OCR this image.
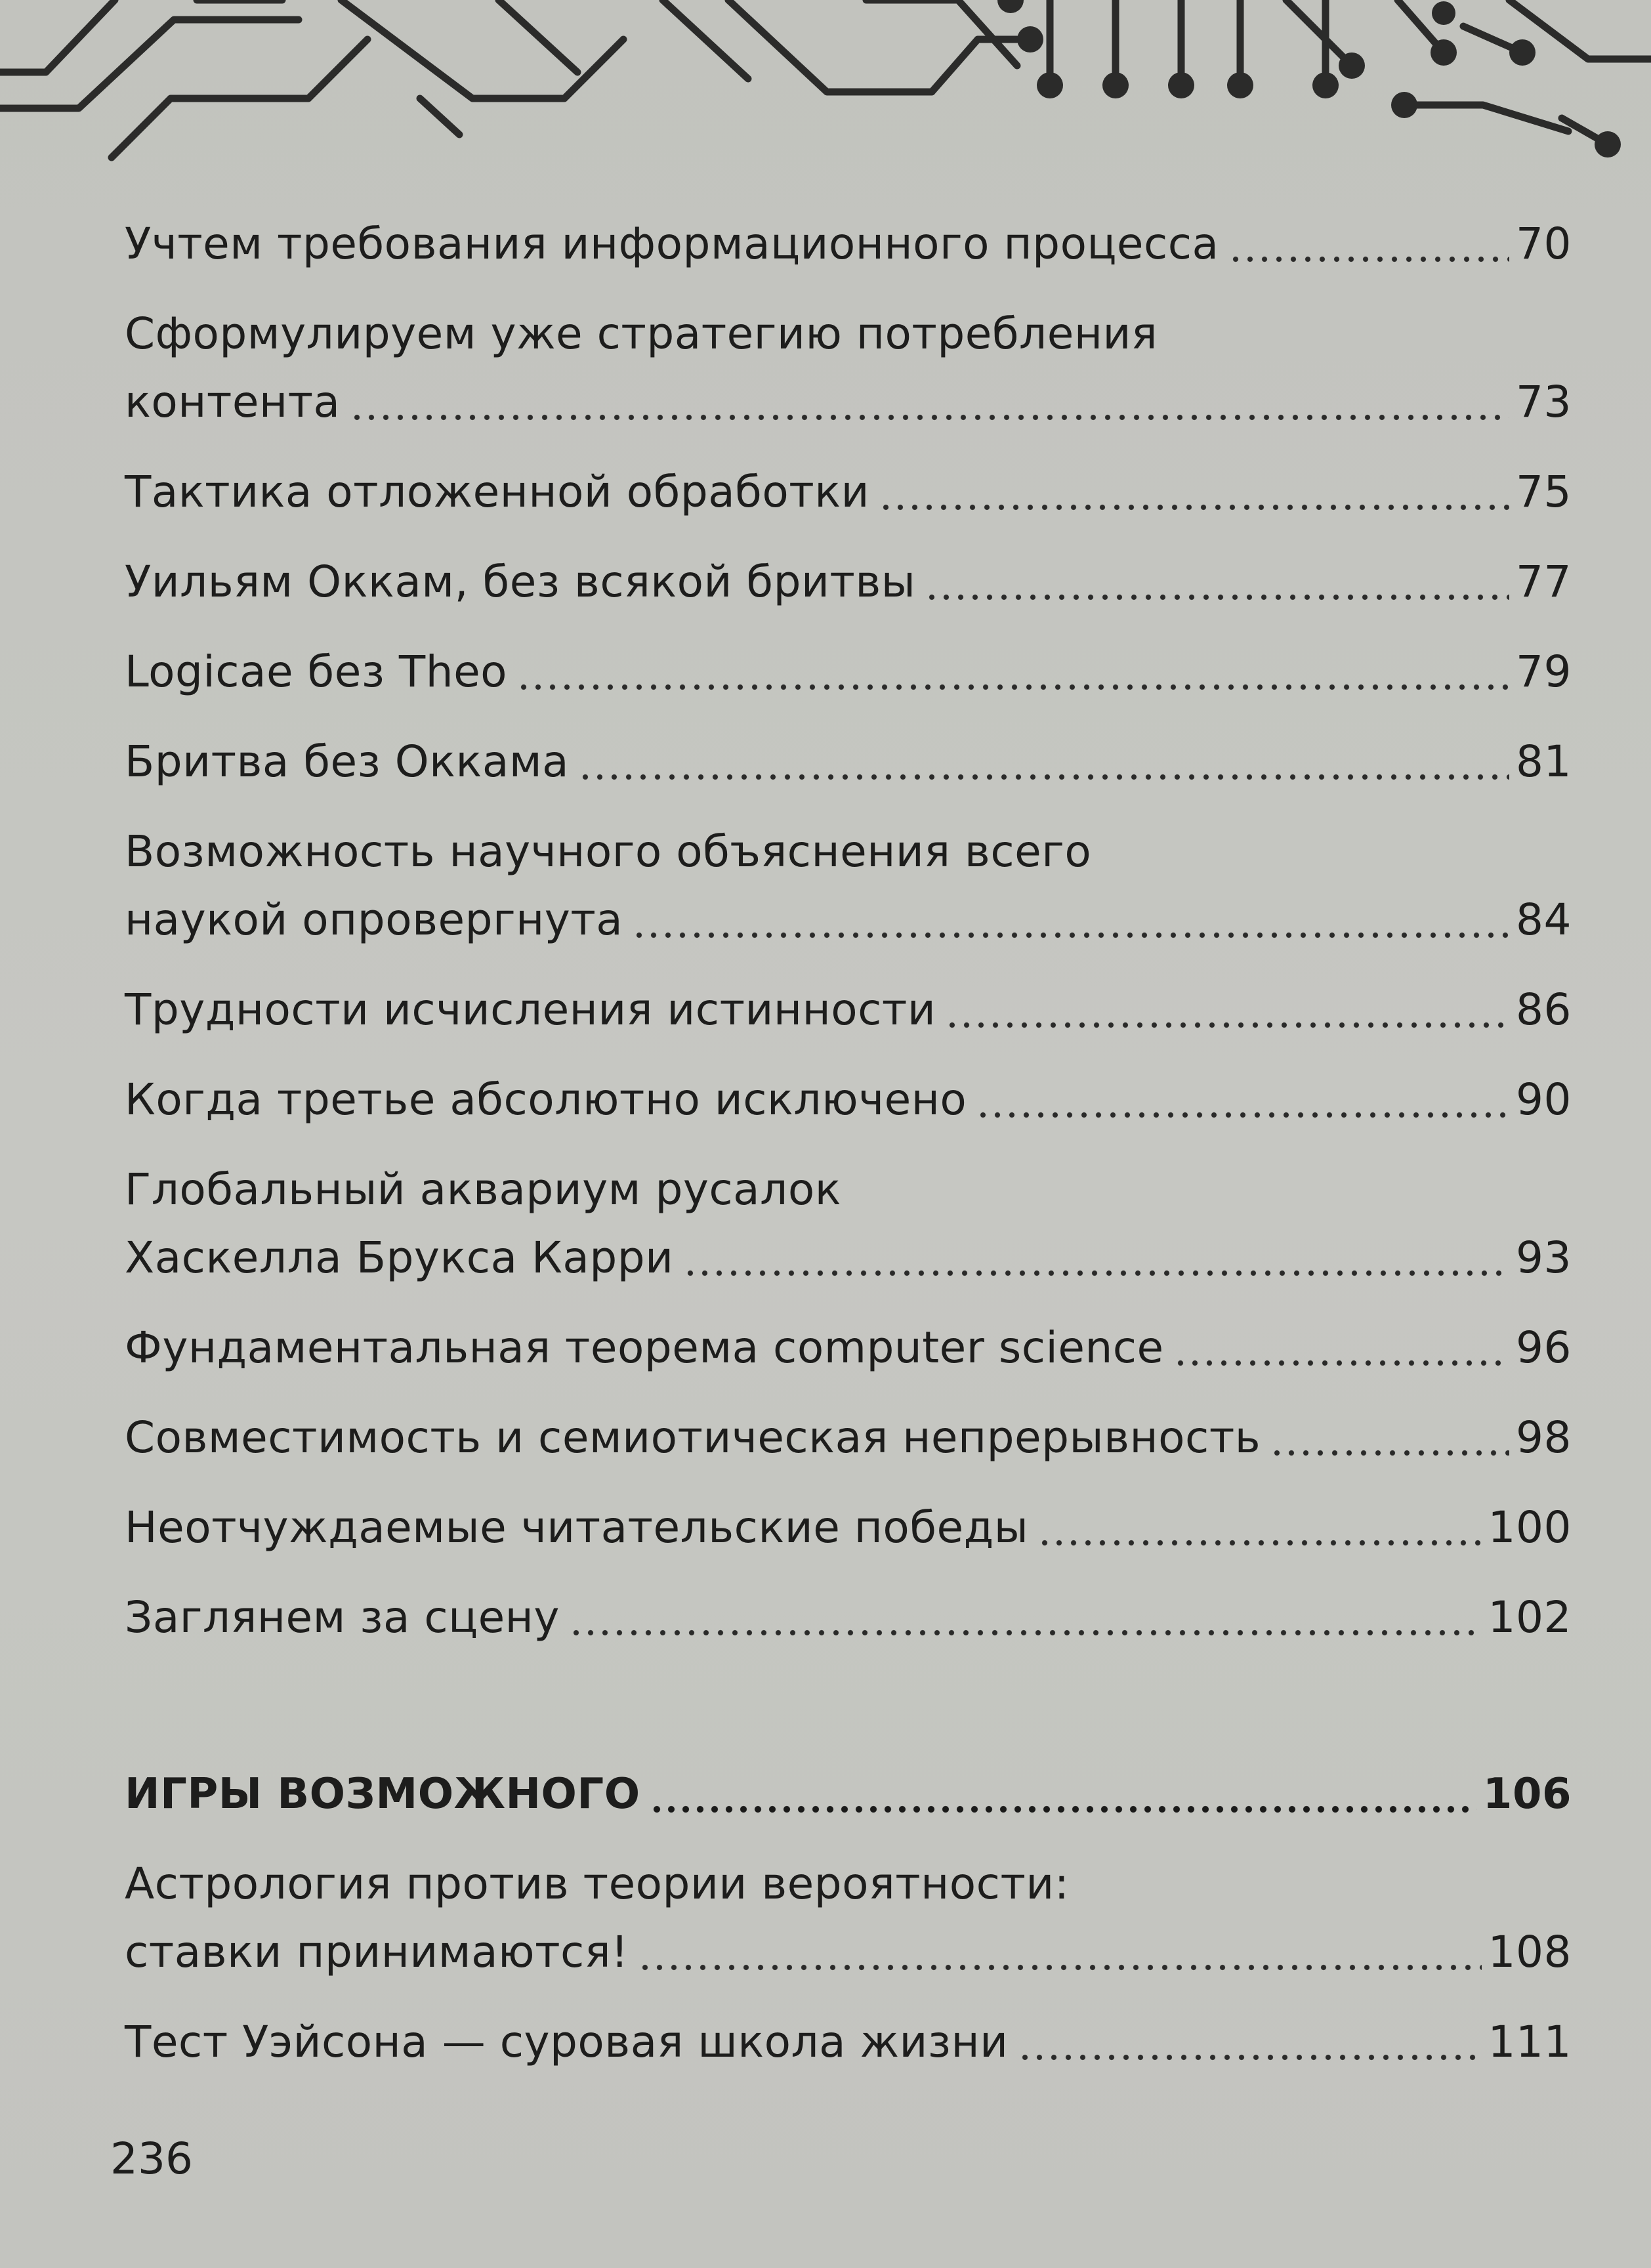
Учтем требования информационного процесса	70
Сформулируем уже стратегию потребления
контента	73
Тактика отложенной обработки	75
Уильям Оккам, без всякой бритвы	77
Logicae без Theo	79
Бритва без Оккама	81
Возможность научного объяснения всего
наукой опровергнута	84
Трудности исчисления истинности	86
Когда третье абсолютно исключено	90
Глобальный аквариум русалок
Хаскелла Брукса Карри	93
Фундаментальная теорема computer science	96
Совместимость и семиотическая непрерывность	98
Неотчуждаемые читательские победы	100
Заглянем за сцену	102
ИГРЫ ВОЗМОЖНОГО	106
Астрология против теории вероятности:
ставки принимаются!	108
Тест Уэйсона — суровая школа жизни	111
236
